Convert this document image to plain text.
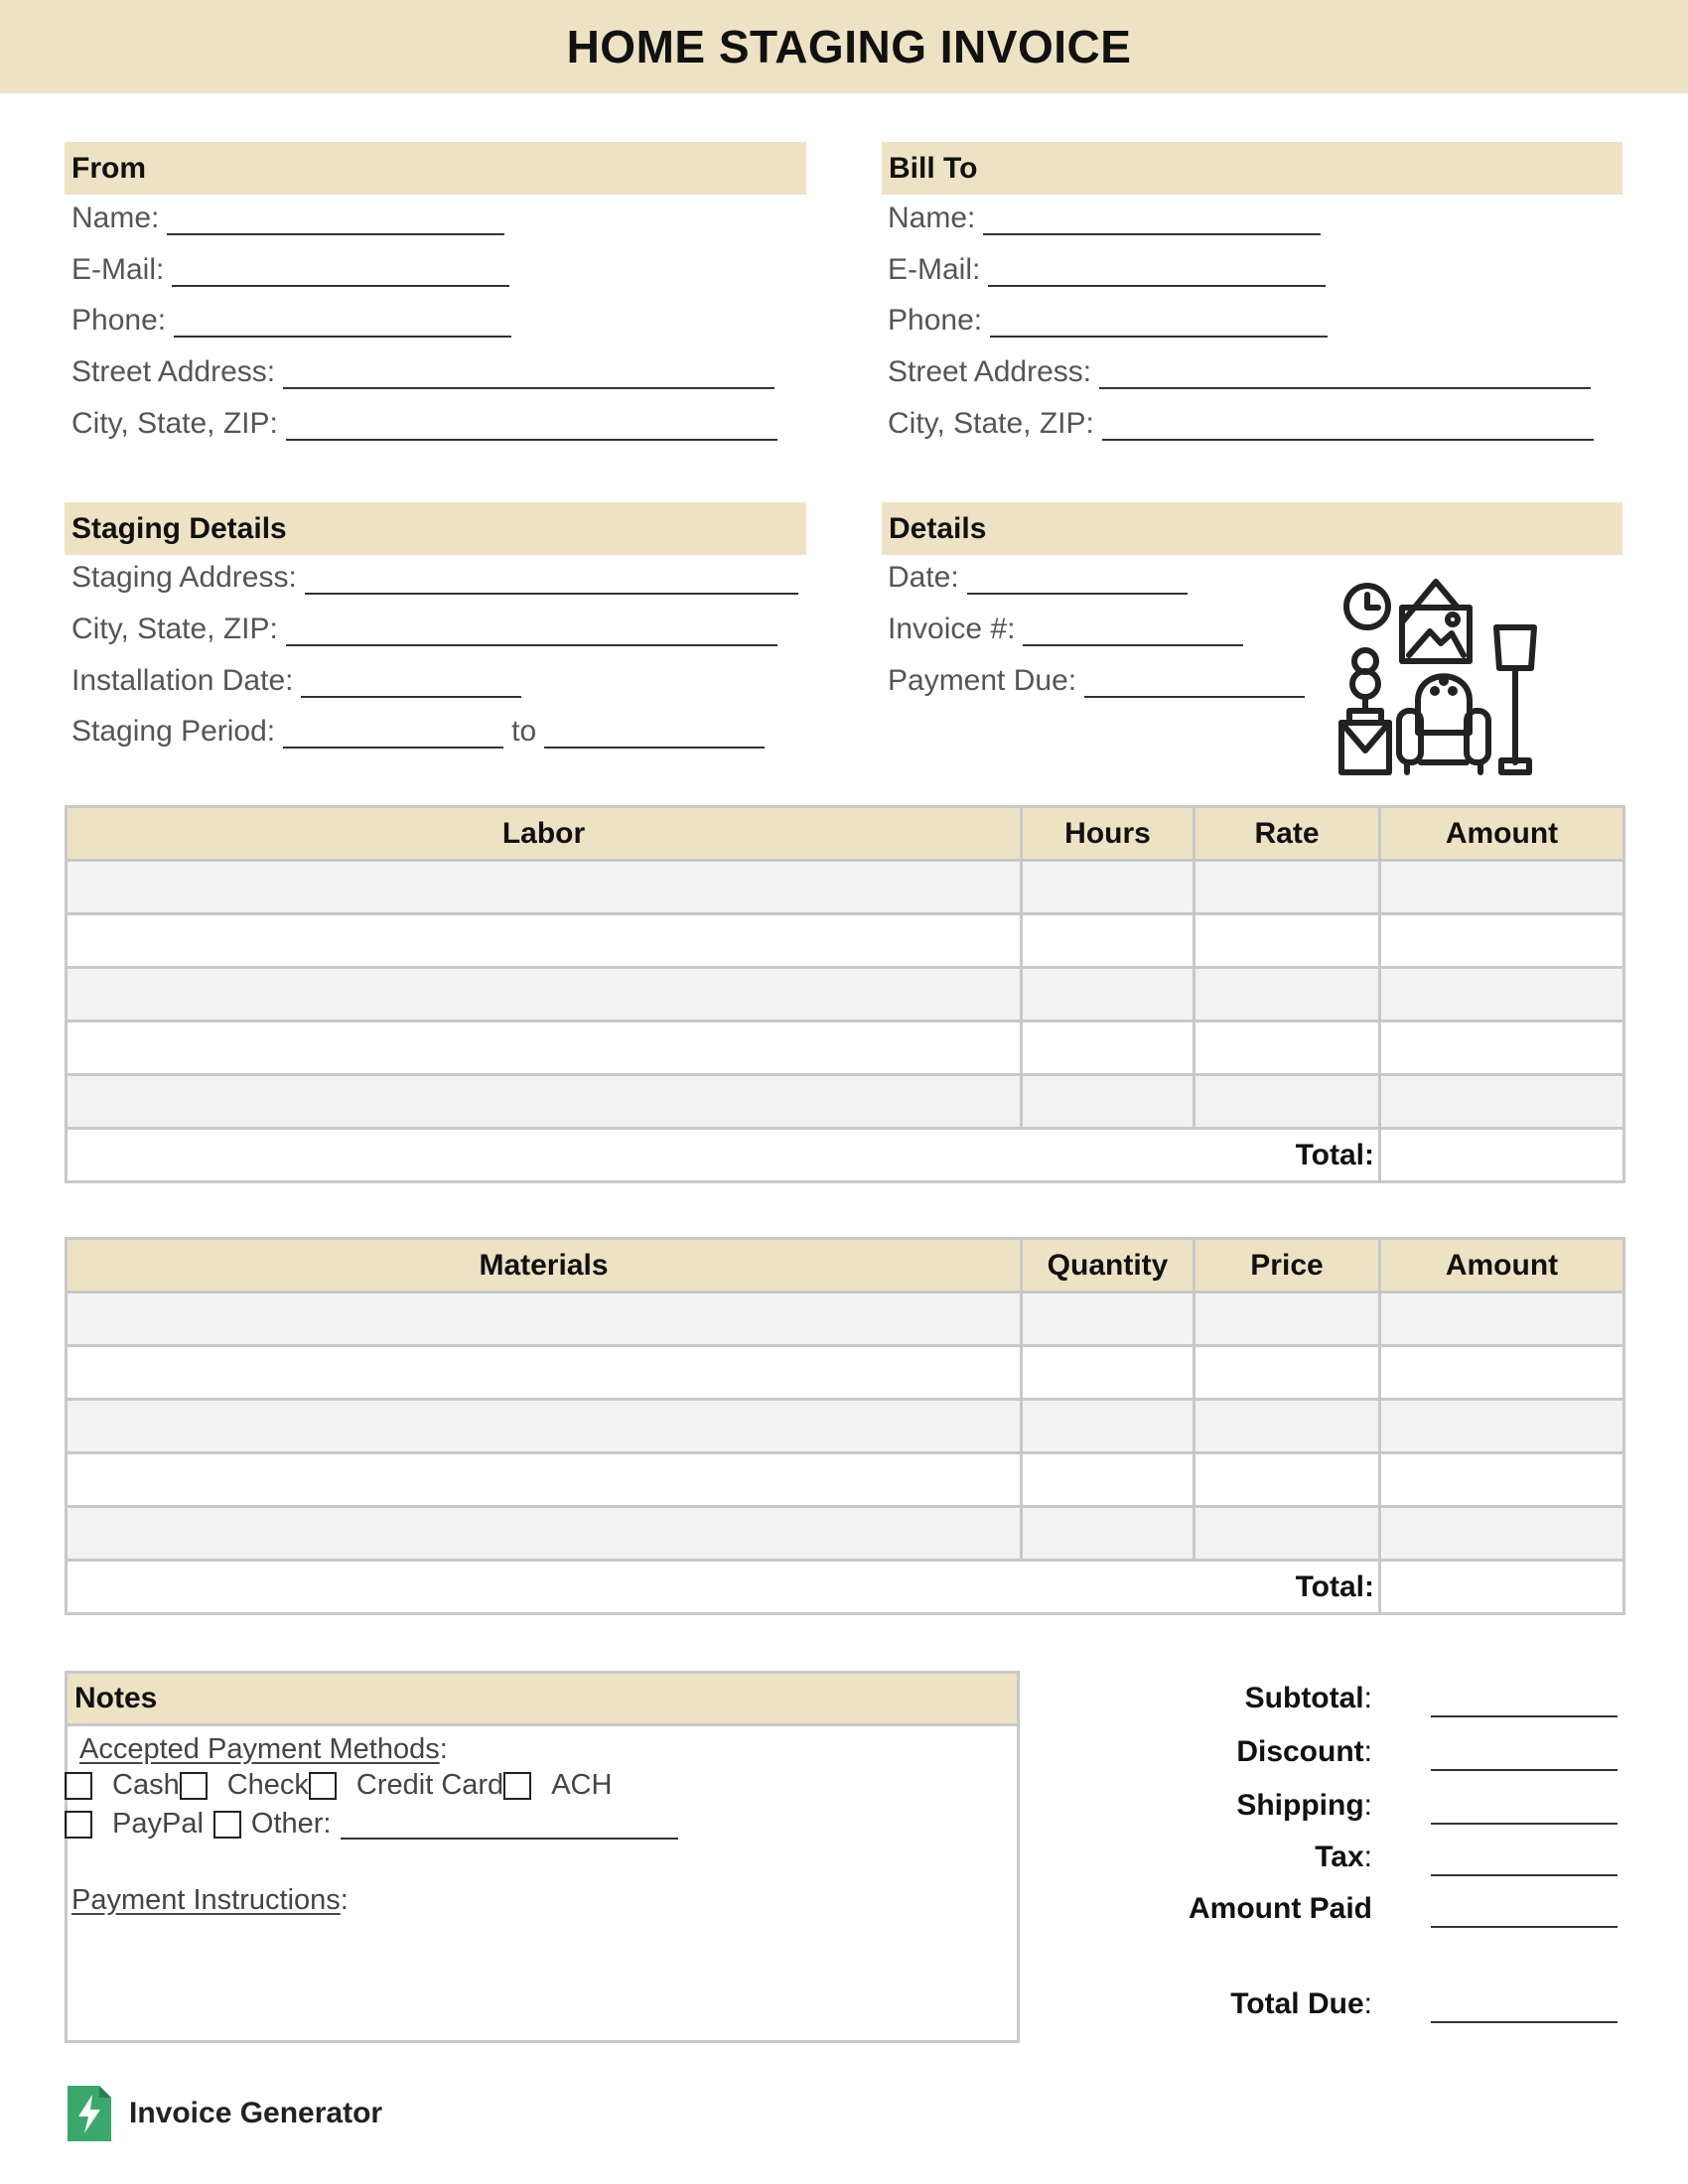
HOME STAGING INVOICE
From
Name:
E-Mail:
Phone:
Street Address:
City, State, ZIP:
Bill To
Name:
E-Mail:
Phone:
Street Address:
City, State, ZIP:
Staging Details
Staging Address:
City, State, ZIP:
Installation Date:
Staging Period:	to
Details
Date:
Invoice #:
Payment Due:
Labor	Hours	Rate	Amount

Total:			
Materials	Quantity	Price	Amount

Total:			
Notes
Accepted Payment Methods :
Cash Check Credit Card ACH
PayPal Other:
Payment Instructions :
Subtotal:
Discount:
Shipping:
Tax:
Amount Paid
Total Due:
Invoice Generator
